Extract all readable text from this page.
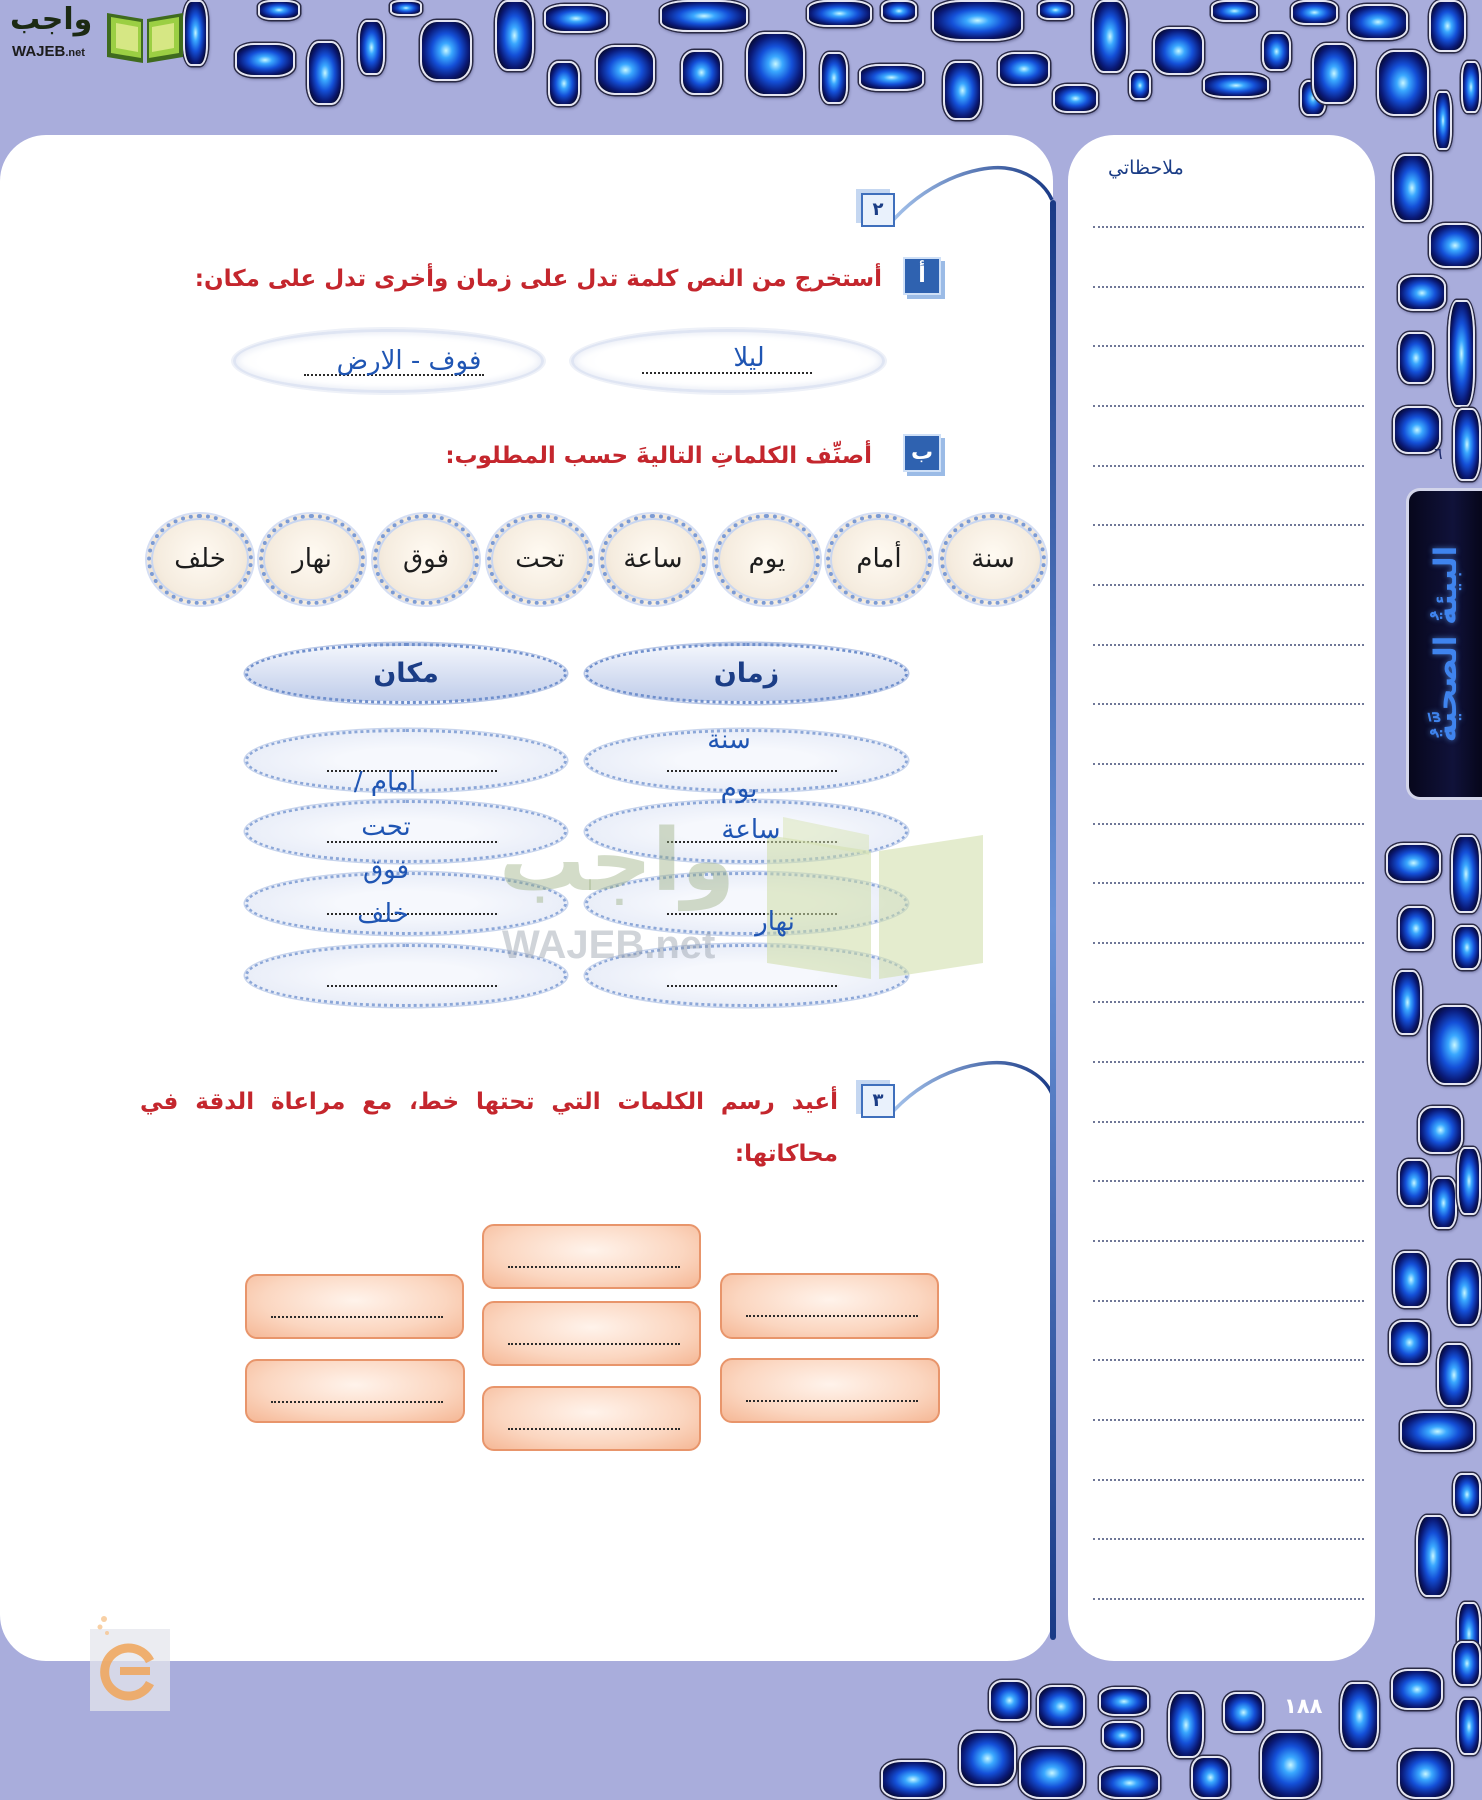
واجب
WAJEB.net
ملاحظاتي
٢
أ
أستخرج من النص كلمة تدل على زمان وأخرى تدل على مكان:
ليلا
فوف - الارض
ب
أصنِّف الكلماتِ التاليةَ حسب المطلوب:
سنة
أمام
يوم
ساعة
تحت
فوق
نهار
خلف
زمان
مكان
واجب
WAJEB.net
سنة
يوم
ساعة
نهار
امام /
تحت
فوق
خلف
٣
أعيد رسم الكلمات التي تحتها خط، مع مراعاة الدقة في
محاكاتها:
٦
البيئةُ الصحيَّةُ
١٨٨
